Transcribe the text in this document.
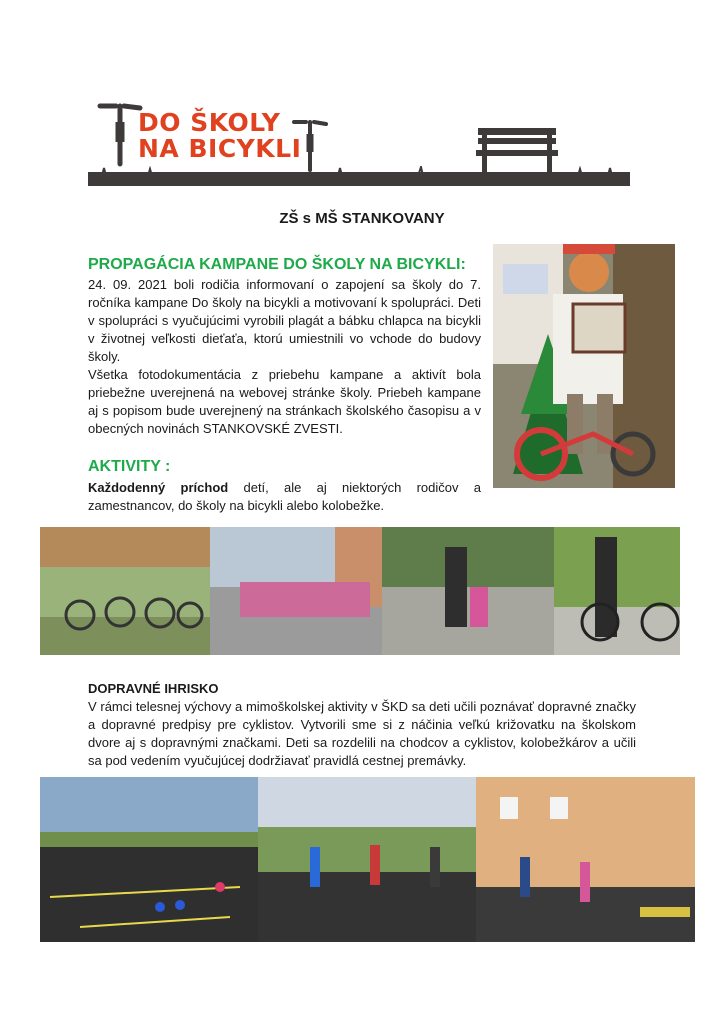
DO ŠKOLY
NA BICYKLI
ZŠ s MŠ STANKOVANY
PROPAGÁCIA KAMPANE DO ŠKOLY NA BICYKLI:

24. 09. 2021 boli rodičia informovaní o zapojení sa školy do 7. ročníka kampane Do školy na bicykli a motivovaní k spolupráci. Deti v spolupráci s vyučujúcimi vyrobili plagát a bábku chlapca na bicykli v životnej veľkosti dieťaťa, ktorú umiestnili vo vchode do budovy školy.

Všetka fotodokumentácia z priebehu kampane a aktivít bola priebežne uverejnená na webovej stránke školy. Priebeh kampane aj s popisom bude uverejnený na stránkach školského časopisu a v obecných novinách STANKOVSKÉ ZVESTI.

AKTIVITY :
Každodenný príchod detí, ale aj niektorých rodičov a zamestnancov, do školy na bicykli alebo kolobežke.
DOPRAVNÉ IHRISKO

V rámci telesnej výchovy a mimoškolskej aktivity v ŠKD sa deti učili poznávať dopravné značky a dopravné predpisy pre cyklistov. Vytvorili sme si z náčinia veľkú križovatku na školskom dvore aj s dopravnými značkami. Deti sa rozdelili na chodcov a cyklistov, kolobežkárov a učili sa pod vedením vyučujúcej dodržiavať pravidlá cestnej premávky.
